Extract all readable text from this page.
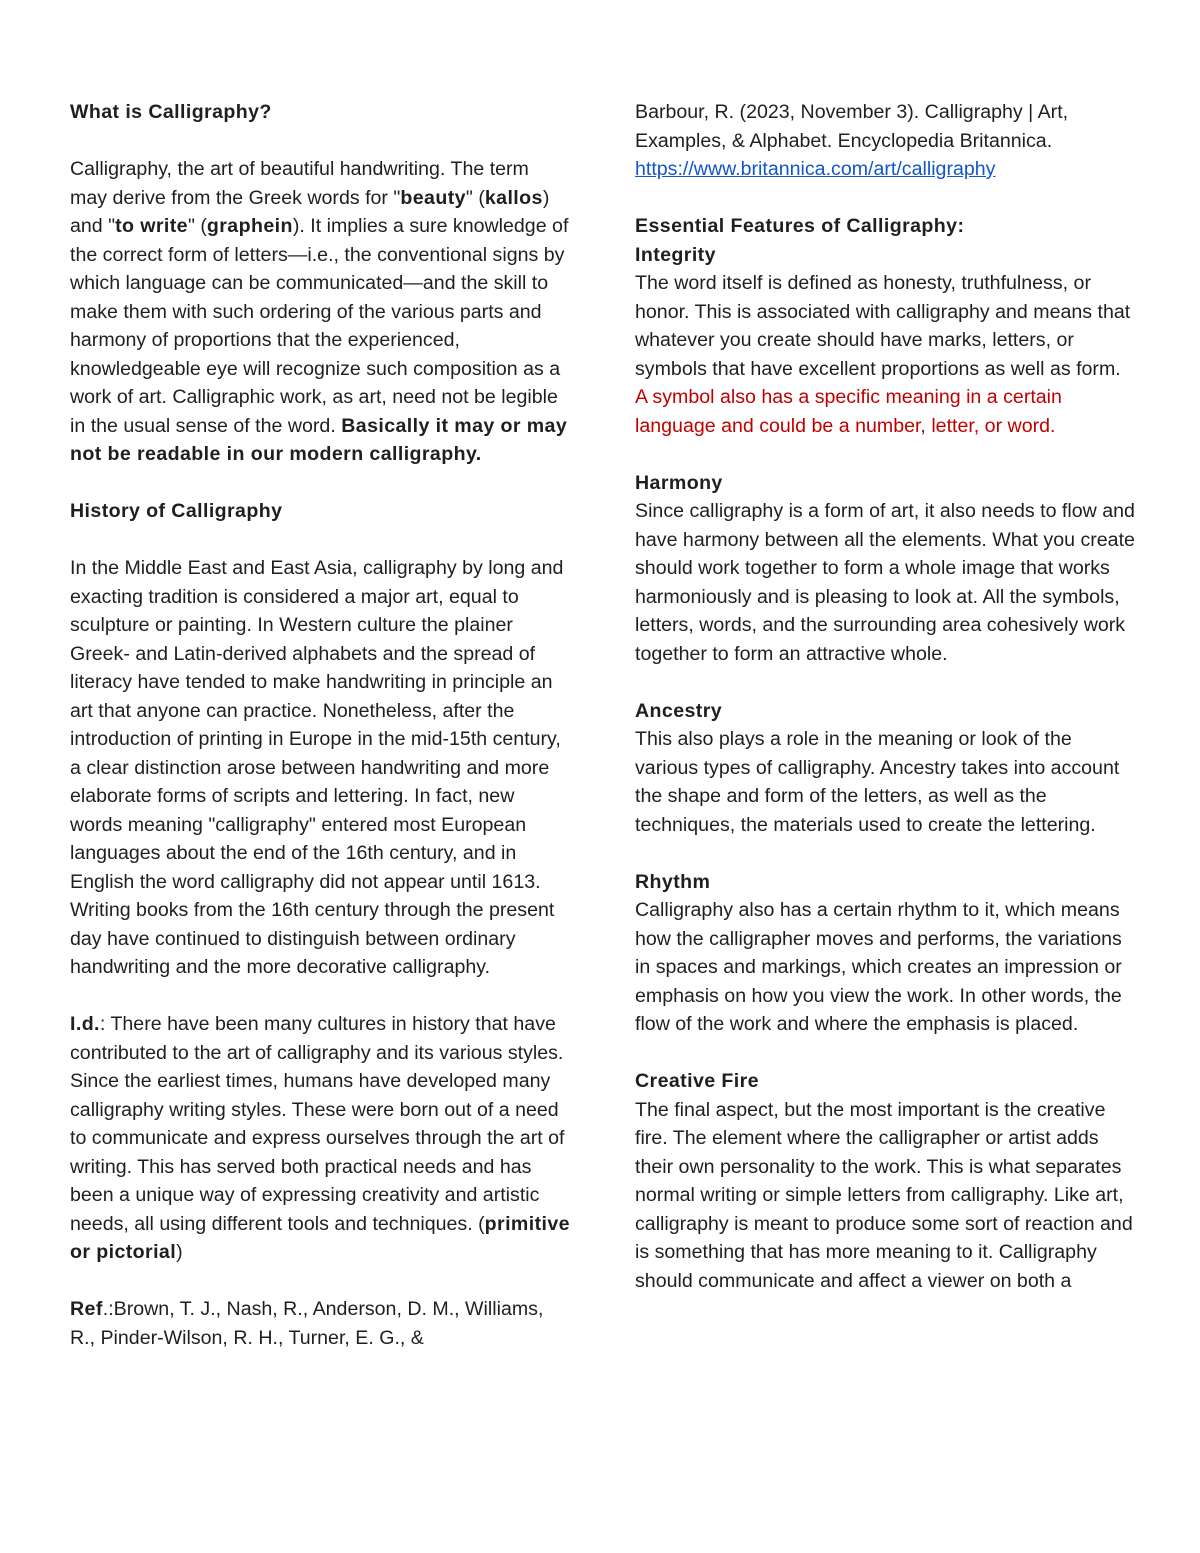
What is Calligraphy?

Calligraphy, the art of beautiful handwriting. The term may derive from the Greek words for "beauty" (kallos) and "to write" (graphein). It implies a sure knowledge of the correct form of letters—i.e., the conventional signs by which language can be communicated—and the skill to make them with such ordering of the various parts and harmony of proportions that the experienced, knowledgeable eye will recognize such composition as a work of art. Calligraphic work, as art, need not be legible in the usual sense of the word. Basically it may or may not be readable in our modern calligraphy.

History of Calligraphy

In the Middle East and East Asia, calligraphy by long and exacting tradition is considered a major art, equal to sculpture or painting. In Western culture the plainer Greek- and Latin-derived alphabets and the spread of literacy have tended to make handwriting in principle an art that anyone can practice. Nonetheless, after the introduction of printing in Europe in the mid-15th century, a clear distinction arose between handwriting and more elaborate forms of scripts and lettering. In fact, new words meaning "calligraphy" entered most European languages about the end of the 16th century, and in English the word calligraphy did not appear until 1613. Writing books from the 16th century through the present day have continued to distinguish between ordinary handwriting and the more decorative calligraphy.

I.d.: There have been many cultures in history that have contributed to the art of calligraphy and its various styles. Since the earliest times, humans have developed many calligraphy writing styles. These were born out of a need to communicate and express ourselves through the art of writing. This has served both practical needs and has been a unique way of expressing creativity and artistic needs, all using different tools and techniques. (primitive or pictorial)

Ref.:Brown, T. J., Nash, R., Anderson, D. M., Williams, R., Pinder-Wilson, R. H., Turner, E. G., &

Barbour, R. (2023, November 3). Calligraphy | Art, Examples, & Alphabet. Encyclopedia Britannica. https://www.britannica.com/art/calligraphy

Essential Features of Calligraphy:

Integrity

The word itself is defined as honesty, truthfulness, or honor. This is associated with calligraphy and means that whatever you create should have marks, letters, or symbols that have excellent proportions as well as form. A symbol also has a specific meaning in a certain language and could be a number, letter, or word.

Harmony

Since calligraphy is a form of art, it also needs to flow and have harmony between all the elements. What you create should work together to form a whole image that works harmoniously and is pleasing to look at. All the symbols, letters, words, and the surrounding area cohesively work together to form an attractive whole.

Ancestry

This also plays a role in the meaning or look of the various types of calligraphy. Ancestry takes into account the shape and form of the letters, as well as the techniques, the materials used to create the lettering.

Rhythm

Calligraphy also has a certain rhythm to it, which means how the calligrapher moves and performs, the variations in spaces and markings, which creates an impression or emphasis on how you view the work. In other words, the flow of the work and where the emphasis is placed.

Creative Fire

The final aspect, but the most important is the creative fire. The element where the calligrapher or artist adds their own personality to the work. This is what separates normal writing or simple letters from calligraphy. Like art, calligraphy is meant to produce some sort of reaction and is something that has more meaning to it. Calligraphy should communicate and affect a viewer on both a
